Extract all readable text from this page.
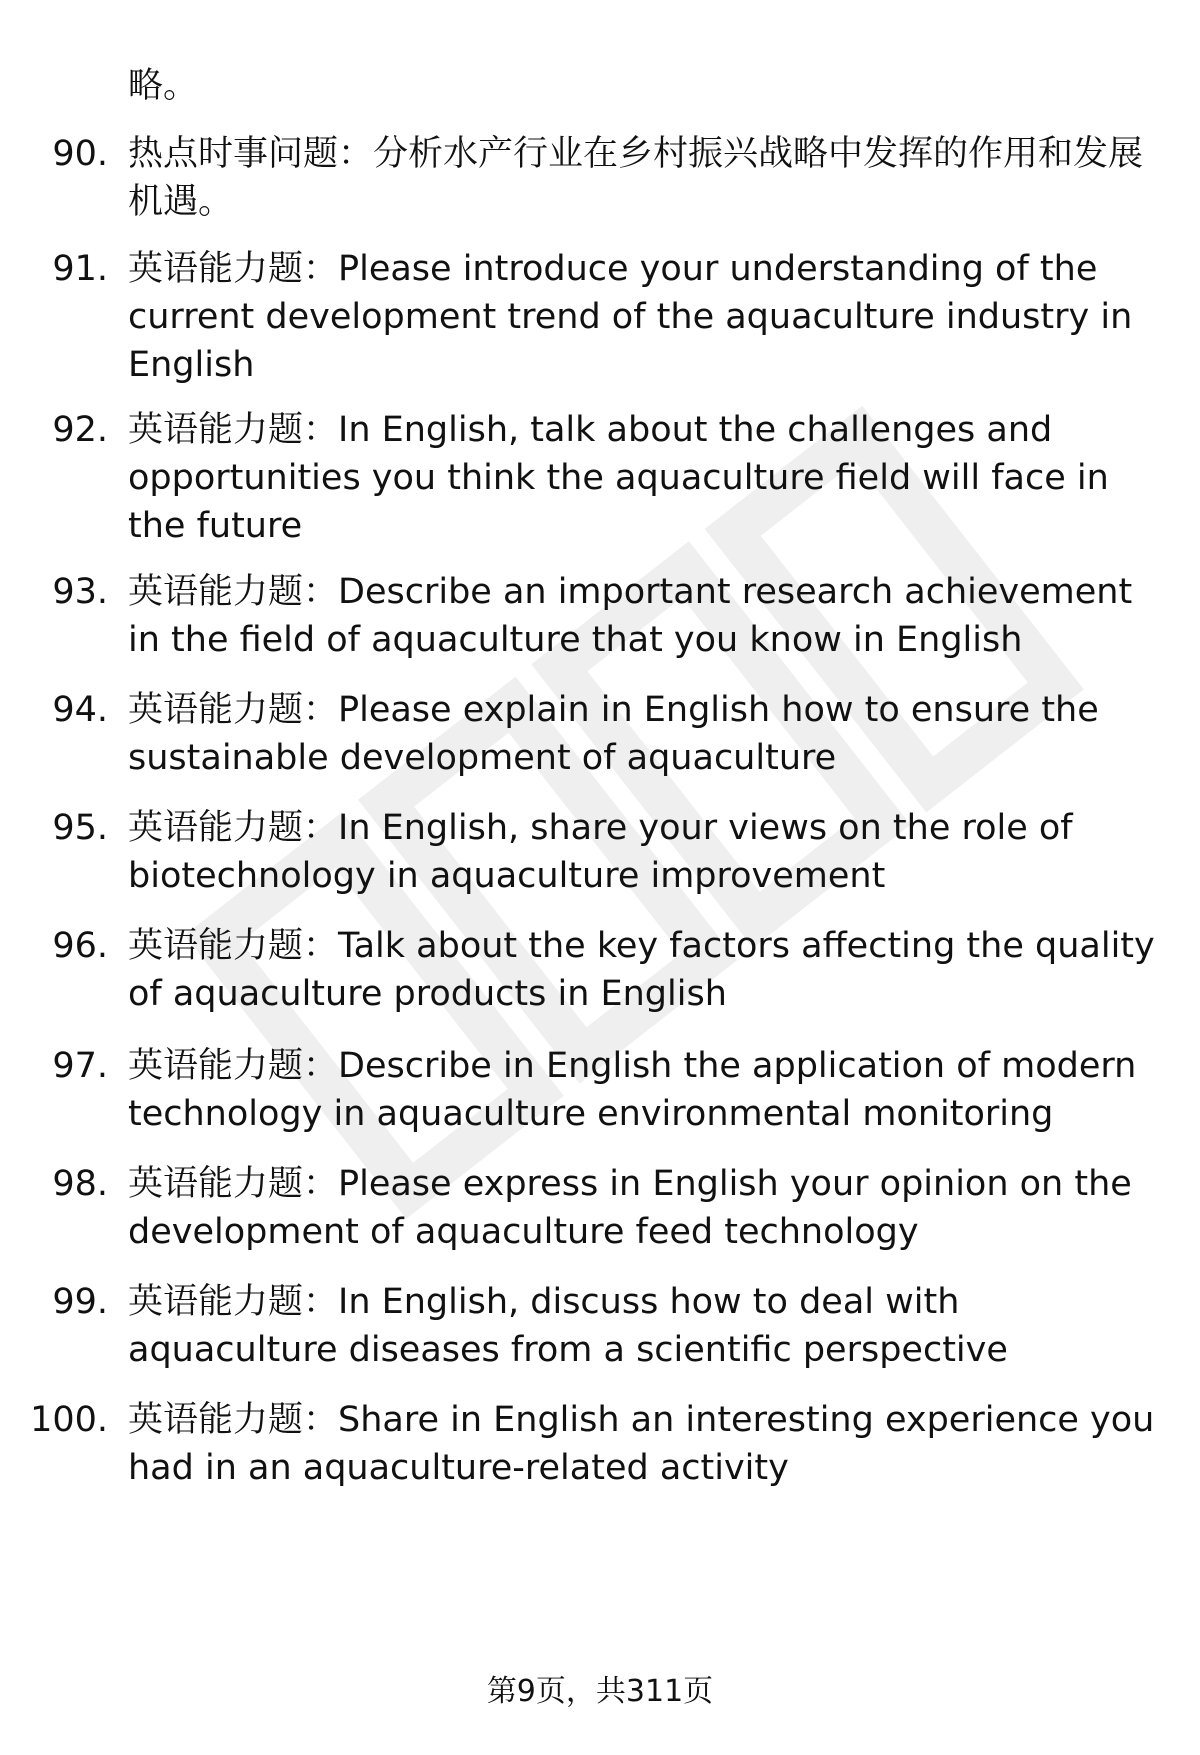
略。

90. 热点时事问题：分析水产行业在乡村振兴战略中发挥的作用和发展机遇。
91. 英语能力题：Please introduce your understanding of the current development trend of the aquaculture industry in English
92. 英语能力题：In English, talk about the challenges and opportunities you think the aquaculture field will face in the future
93. 英语能力题：Describe an important research achievement in the field of aquaculture that you know in English
94. 英语能力题：Please explain in English how to ensure the sustainable development of aquaculture
95. 英语能力题：In English, share your views on the role of biotechnology in aquaculture improvement
96. 英语能力题：Talk about the key factors affecting the quality of aquaculture products in English
97. 英语能力题：Describe in English the application of modern technology in aquaculture environmental monitoring
98. 英语能力题：Please express in English your opinion on the development of aquaculture feed technology
99. 英语能力题：In English, discuss how to deal with aquaculture diseases from a scientific perspective
100. 英语能力题：Share in English an interesting experience you had in an aquaculture-related activity
第9页，共311页
